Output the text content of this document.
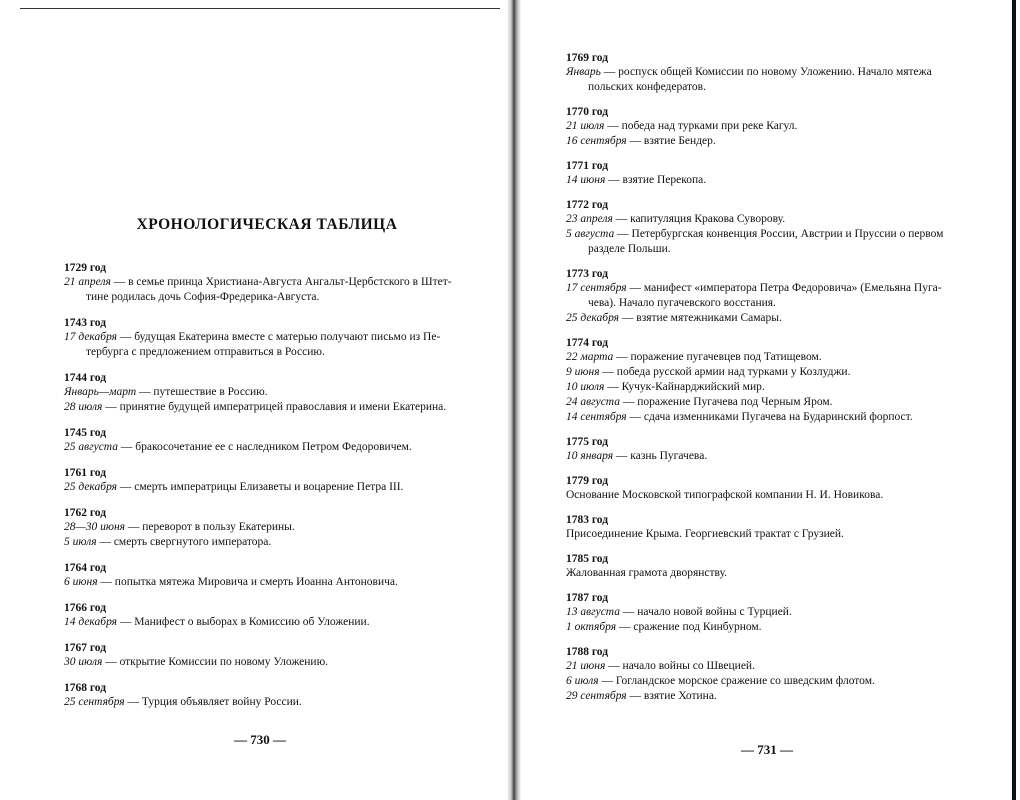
ХРОНОЛОГИЧЕСКАЯ ТАБЛИЦА
1729 год
21 апреля — в семье принца Христиана-Августа Ангальт-Цербстского в Штет-
тине родилась дочь София-Фредерика-Августа.
1743 год
17 декабря — будущая Екатерина вместе с матерью получают письмо из Пе-
тербурга с предложением отправиться в Россию.
1744 год
Январь—март — путешествие в Россию.
28 июля — принятие будущей императрицей православия и имени Екатерина.
1745 год
25 августа — бракосочетание ее с наследником Петром Федоровичем.
1761 год
25 декабря — смерть императрицы Елизаветы и воцарение Петра III.
1762 год
28—30 июня — переворот в пользу Екатерины.
5 июля — смерть свергнутого императора.
1764 год
6 июня — попытка мятежа Мировича и смерть Иоанна Антоновича.
1766 год
14 декабря — Манифест о выборах в Комиссию об Уложении.
1767 год
30 июля — открытие Комиссии по новому Уложению.
1768 год
25 сентября — Турция объявляет войну России.
— 730 —
1769 год
Январь — роспуск общей Комиссии по новому Уложению. Начало мятежа
польских конфедератов.
1770 год
21 июля — победа над турками при реке Кагул.
16 сентября — взятие Бендер.
1771 год
14 июня — взятие Перекопа.
1772 год
23 апреля — капитуляция Кракова Суворову.
5 августа — Петербургская конвенция России, Австрии и Пруссии о первом
разделе Польши.
1773 год
17 сентября — манифест «императора Петра Федоровича» (Емельяна Пуга-
чева). Начало пугачевского восстания.
25 декабря — взятие мятежниками Самары.
1774 год
22 марта — поражение пугачевцев под Татищевом.
9 июня — победа русской армии над турками у Козлуджи.
10 июля — Кучук-Кайнарджийский мир.
24 августа — поражение Пугачева под Черным Яром.
14 сентября — сдача изменниками Пугачева на Бударинский форпост.
1775 год
10 января — казнь Пугачева.
1779 год
Основание Московской типографской компании Н. И. Новикова.
1783 год
Присоединение Крыма. Георгиевский трактат с Грузией.
1785 год
Жалованная грамота дворянству.
1787 год
13 августа — начало новой войны с Турцией.
1 октября — сражение под Кинбурном.
1788 год
21 июня — начало войны со Швецией.
6 июля — Гогландское морское сражение со шведским флотом.
29 сентября — взятие Хотина.
— 731 —
